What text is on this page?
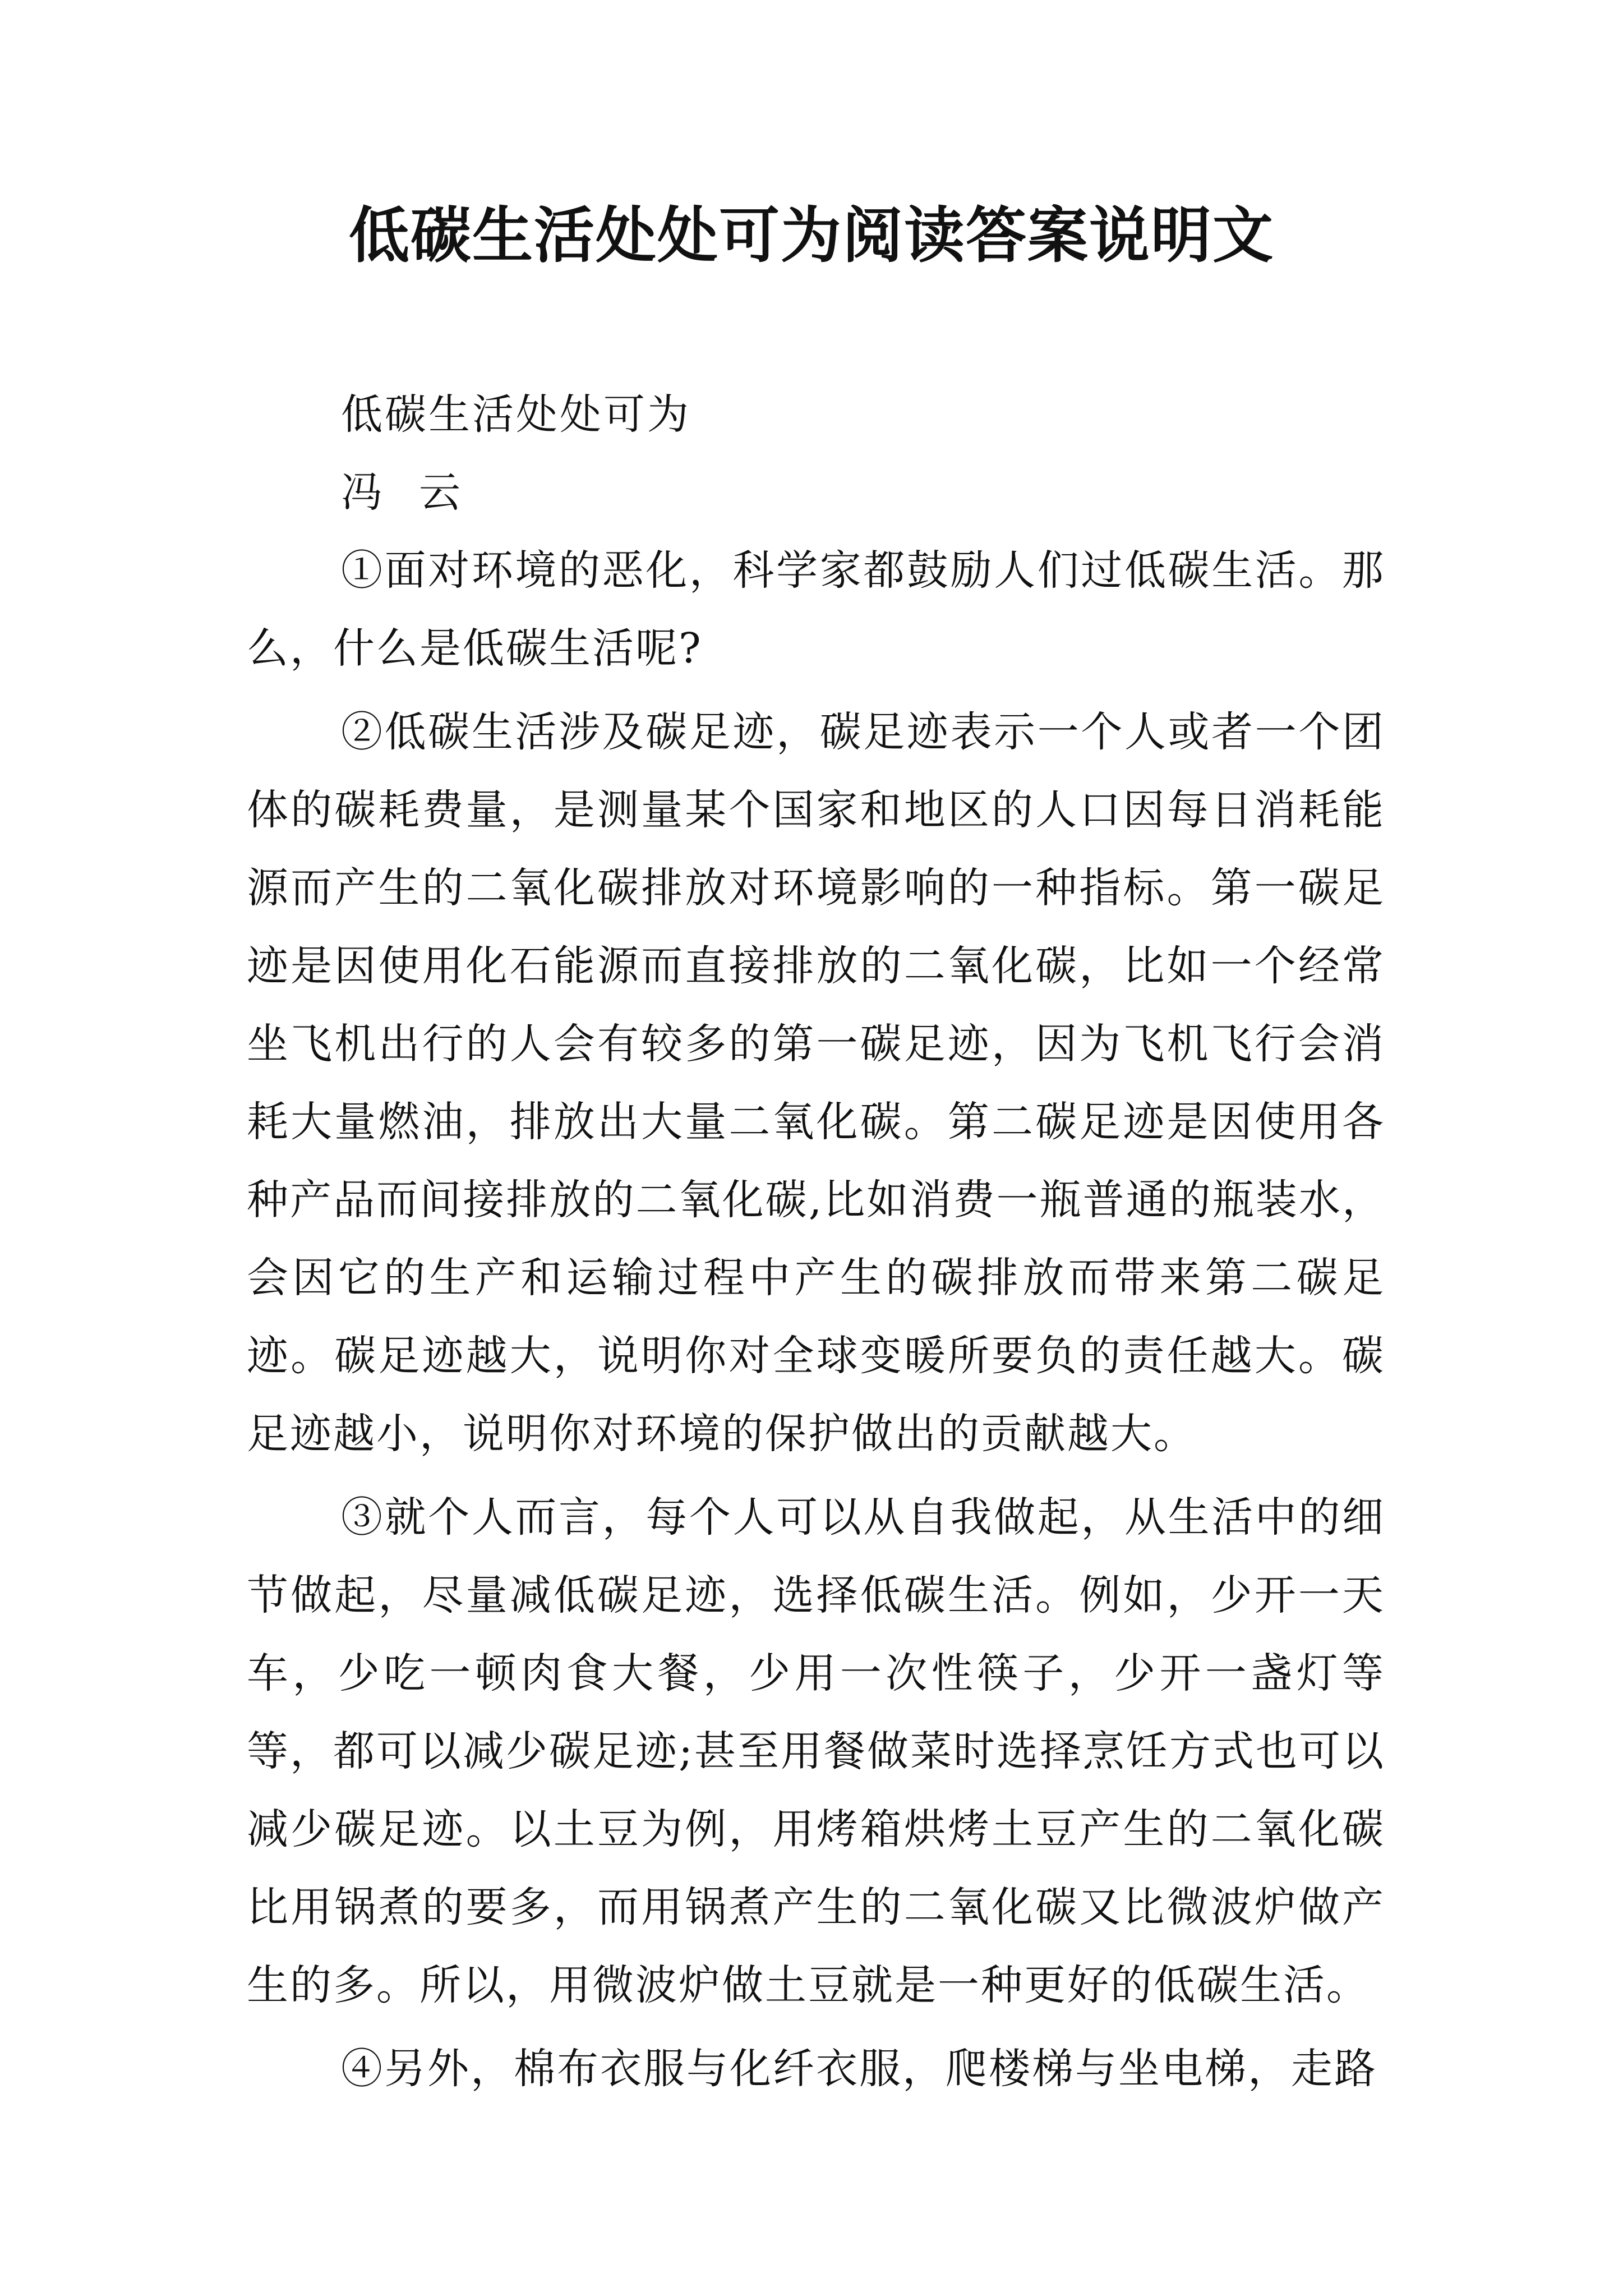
低碳生活处处可为阅读答案说明文

低碳生活处处可为

冯  云

①面对环境的恶化，科学家都鼓励人们过低碳生活。那么，什么是低碳生活呢?

②低碳生活涉及碳足迹，碳足迹表示一个人或者一个团体的碳耗费量，是测量某个国家和地区的人口因每日消耗能源而产生的二氧化碳排放对环境影响的一种指标。第一碳足迹是因使用化石能源而直接排放的二氧化碳，比如一个经常坐飞机出行的人会有较多的第一碳足迹，因为飞机飞行会消耗大量燃油，排放出大量二氧化碳。第二碳足迹是因使用各种产品而间接排放的二氧化碳,比如消费一瓶普通的瓶装水，会因它的生产和运输过程中产生的碳排放而带来第二碳足迹。碳足迹越大，说明你对全球变暖所要负的责任越大。碳足迹越小，说明你对环境的保护做出的贡献越大。

③就个人而言，每个人可以从自我做起，从生活中的细节做起，尽量减低碳足迹，选择低碳生活。例如，少开一天车，少吃一顿肉食大餐，少用一次性筷子，少开一盏灯等等，都可以减少碳足迹;甚至用餐做菜时选择烹饪方式也可以减少碳足迹。以土豆为例，用烤箱烘烤土豆产生的二氧化碳比用锅煮的要多，而用锅煮产生的二氧化碳又比微波炉做产生的多。所以，用微波炉做土豆就是一种更好的低碳生活。

④另外，棉布衣服与化纤衣服，爬楼梯与坐电梯，走路
